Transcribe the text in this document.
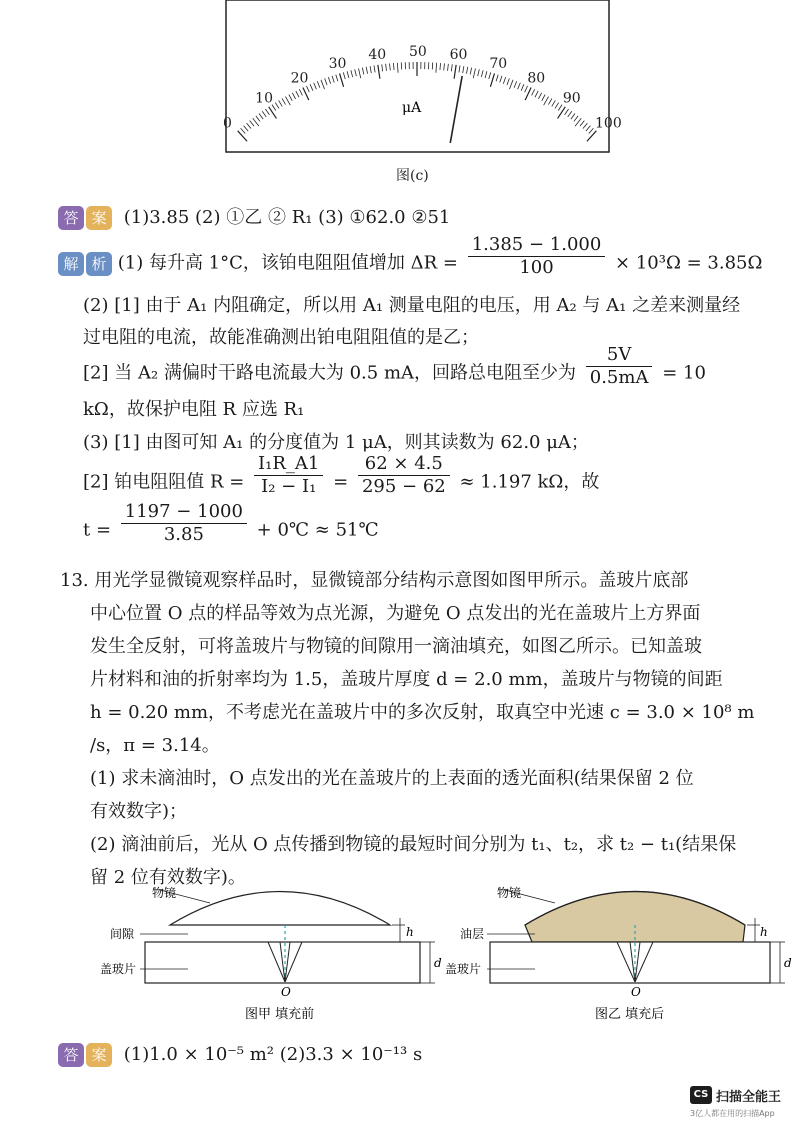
0
10
20
30
40 50 60
70
80
90
100
μA
图(c)
答 案 (1)3.85 (2) ①乙 ② R₁ (3) ①62.0 ②51
解 析 (1) 每升高 1°C，该铂电阻阻值增加 $\Delta R = \frac{1.385 - 1.000}{100} \times 10^3\Omega = 3.85\Omega$
(2) [1] 由于 A₁ 内阻确定，所以用 A₁ 测量电阻的电压，用 A₂ 与 A₁ 之差来测量经
过电阻的电流，故能准确测出铂电阻阻值的是乙；
[2] 当 A₂ 满偏时干路电流最大为 0.5 mA，回路总电阻至少为 $\frac{5V}{0.5mA} = 10$
kΩ，故保护电阻 R 应选 R₁
(3) [1] 由图可知 A₁ 的分度值为 1 μA，则其读数为 62.0 μA；
[2] 铂电阻阻值 $R = \frac{\text{I₁R\_A1}}{\text{I₂ − I₁}} = \frac{62 \times 4.5}{295 - 62} \approx 1.197$ kΩ，故
$t = \frac{1197 - 1000}{3.85}$ + 0℃ ≈ 51℃
13. 用光学显微镜观察样品时，显微镜部分结构示意图如图甲所示。盖玻片底部
中心位置 O 点的样品等效为点光源，为避免 O 点发出的光在盖玻片上方界面
发生全反射，可将盖玻片与物镜的间隙用一滴油填充，如图乙所示。已知盖玻
片材料和油的折射率均为 1.5，盖玻片厚度 d = 2.0 mm，盖玻片与物镜的间距
h = 0.20 mm，不考虑光在盖玻片中的多次反射，取真空中光速 c = 3.0 × 10⁸ m
/s，π = 3.14。
(1) 求未滴油时，O 点发出的光在盖玻片的上表面的透光面积(结果保留 2 位
有效数字)；
(2) 滴油前后，光从 O 点传播到物镜的最短时间分别为 t₁、t₂，求 t₂ − t₁(结果保
留 2 位有效数字)。
物镜
间隙
盖玻片
h
d
O
图甲 填充前
物镜
油层
盖玻片
h
d
O
图乙 填充后
答 案 (1)1.0 × 10⁻⁵ m² (2)3.3 × 10⁻¹³ s
CS 扫描全能王
3亿人都在用的扫描App
